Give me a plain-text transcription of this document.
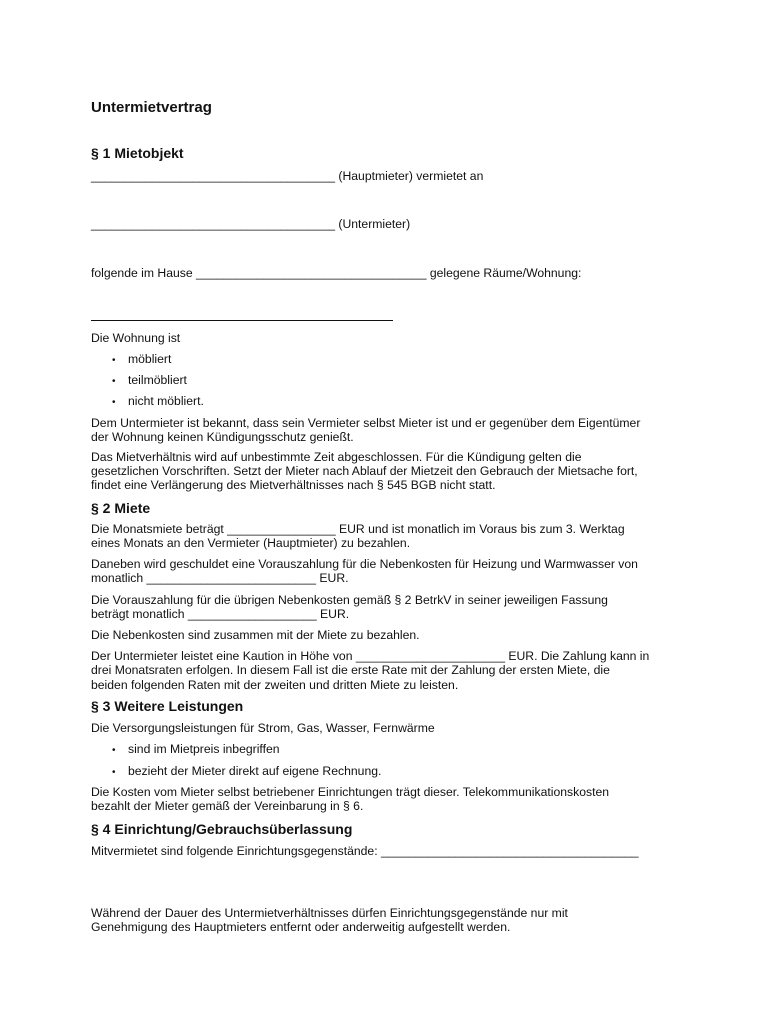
Untermietvertrag
§ 1 Mietobjekt

____________________________________ (Hauptmieter) vermietet an

____________________________________ (Untermieter)

folgende im Hause __________________________________ gelegene Räume/Wohnung:

Die Wohnung ist

• möbliert

• teilmöbliert

• nicht möbliert.

Dem Untermieter ist bekannt, dass sein Vermieter selbst Mieter ist und er gegenüber dem Eigentümer

der Wohnung keinen Kündigungsschutz genießt.

Das Mietverhältnis wird auf unbestimmte Zeit abgeschlossen. Für die Kündigung gelten die

gesetzlichen Vorschriften. Setzt der Mieter nach Ablauf der Mietzeit den Gebrauch der Mietsache fort,

findet eine Verlängerung des Mietverhältnisses nach § 545 BGB nicht statt.

§ 2 Miete

Die Monatsmiete beträgt ________________ EUR und ist monatlich im Voraus bis zum 3. Werktag

eines Monats an den Vermieter (Hauptmieter) zu bezahlen.

Daneben wird geschuldet eine Vorauszahlung für die Nebenkosten für Heizung und Warmwasser von

monatlich _________________________ EUR.

Die Vorauszahlung für die übrigen Nebenkosten gemäß § 2 BetrkV in seiner jeweiligen Fassung

beträgt monatlich ___________________ EUR.

Die Nebenkosten sind zusammen mit der Miete zu bezahlen.

Der Untermieter leistet eine Kaution in Höhe von ______________________ EUR. Die Zahlung kann in

drei Monatsraten erfolgen. In diesem Fall ist die erste Rate mit der Zahlung der ersten Miete, die

beiden folgenden Raten mit der zweiten und dritten Miete zu leisten.

§ 3 Weitere Leistungen

Die Versorgungsleistungen für Strom, Gas, Wasser, Fernwärme

• sind im Mietpreis inbegriffen

• bezieht der Mieter direkt auf eigene Rechnung.

Die Kosten vom Mieter selbst betriebener Einrichtungen trägt dieser. Telekommunikationskosten

bezahlt der Mieter gemäß der Vereinbarung in § 6.

§ 4 Einrichtung/Gebrauchsüberlassung

Mitvermietet sind folgende Einrichtungsgegenstände: ______________________________________

Während der Dauer des Untermietverhältnisses dürfen Einrichtungsgegenstände nur mit

Genehmigung des Hauptmieters entfernt oder anderweitig aufgestellt werden.
